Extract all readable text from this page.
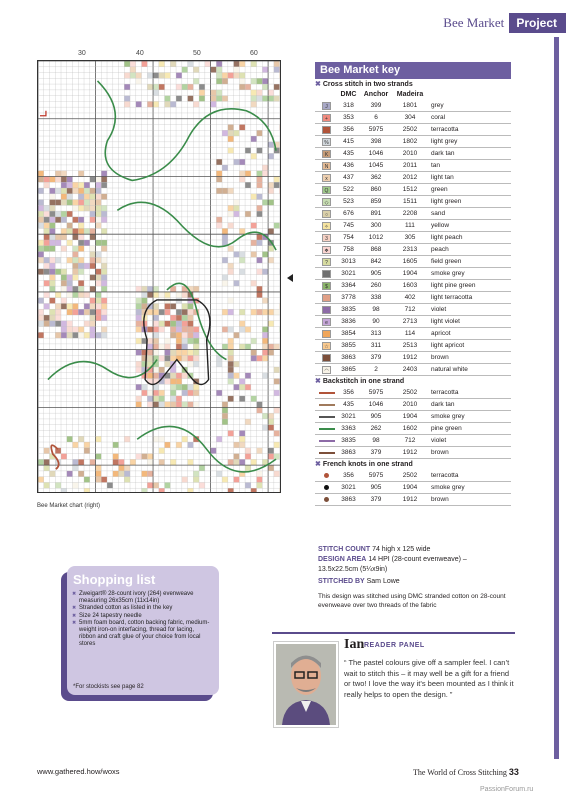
Bee Market	Project
30	40	50	60
Bee Market chart (right)
Bee Market key
✖ Cross stitch in two strands
DMC	Anchor	Madeira
J	318	399	1801	grey
+	353	6	304	coral
356	5975	2502	terracotta
%	415	398	1802	light grey
K	435	1046	2010	dark tan
N	436	1045	2011	tan
x	437	362	2012	light tan
Q	522	860	1512	green
◇	523	859	1511	light green
○	676	891	2208	sand
✧	745	300	111	yellow
3	754	1012	305	light peach
❖	758	868	2313	peach
?	3013	842	1605	field green
3021	905	1904	smoke grey
$	3364	260	1603	light pine green
3778	338	402	light terracotta
3835	98	712	violet
e	3836	90	2713	light violet
3854	313	114	apricot
☆	3855	311	2513	light apricot
3863	379	1912	brown
◠	3865	2	2403	natural white
✖ Backstitch in one strand
356	5975	2502	terracotta
435	1046	2010	dark tan
3021	905	1904	smoke grey
3363	262	1602	pine green
3835	98	712	violet
3863	379	1912	brown
✖ French knots in one strand
356	5975	2502	terracotta
3021	905	1904	smoke grey
3863	379	1912	brown
STITCH COUNT 74 high x 125 wide
DESIGN AREA 14 HPI (28-count evenweave) –
13.5x22.5cm (5¼x9in)
STITCHED BY Sam Lowe
This design was stitched using DMC stranded cotton on 28-count evenweave over two threads of the fabric
Shopping list
✖ Zweigart® 28-count ivory (264) evenweave measuring 26x35cm (11x14in)
✖ Stranded cotton as listed in the key
✖ Size 24 tapestry needle
✖ 5mm foam board, cotton backing fabric, medium-weight iron-on interfacing, thread for lacing, ribbon and craft glue of your choice from local stores
*For stockists see page 82
Ian READER PANEL
“ The pastel colours give off a sampler feel. I can’t wait to stitch this – it may well be a gift for a friend or two! I love the way it’s been mounted as I think it really helps to open the design. ”
www.gathered.how/woxs	The World of Cross Stitching 33
PassionForum.ru
